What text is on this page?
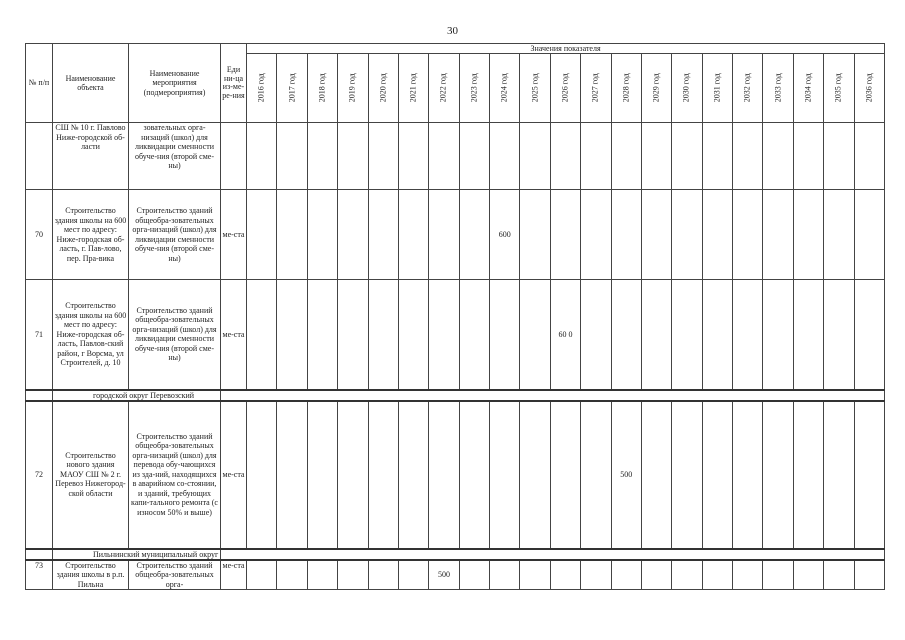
30
№ п/п	Наименование объекта	Наименование мероприятия (подмероприятия)	Еди ни-ца из-ме-ре-ния	Значения показателя																				
				2016 год	2017 год	2018 год	2019 год	2020 год	2021 год	2022 год	2023 год	2024 год	2025 год	2026 год	2027 год	2028 год	2029 год	2030 год	2031 год	2032 год	2033 год	2034 год	2035 год	2036 год

	СШ № 10 г. Павлово Ниже-городской об-ласти	зовательных орга-низаций (школ) для ликвидации сменности обуче-ния (второй сме-ны)																						

70	Строительство здания школы на 600 мест по адресу: Ниже-городская об-ласть, г. Пав-лово, пер. Пра-вика	Строительство зданий общеобра-зовательных орга-низаций (школ) для ликвидации сменности обуче-ния (второй сме-ны)	ме-ста									600												
71	Строительство здания школы на 600 мест по адресу: Ниже-городская об-ласть, Павлов-ский район, г Ворсма, ул Строителей, д. 10	Строительство зданий общеобра-зовательных орга-низаций (школ) для ликвидации сменности обуче-ния (второй сме-ны)	ме-ста											60 0										
	городской округ Перевозский																							
72	Строительство нового здания МАОУ СШ № 2 г. Перевоз Нижегород-ской области	Строительство зданий общеобра-зовательных орга-низаций (школ) для перевода обу-чающихся из зда-ний, находящихся в аварийном со-стоянии, и зданий, требующих капи-тального ремонта (с износом 50% и выше)	ме-ста													500								
	Пильнинский муниципальный округ																							
73	Строительство здания школы в р.п. Пильна	Строительство зданий общеобра-зовательных орга-	ме-ста							500														
